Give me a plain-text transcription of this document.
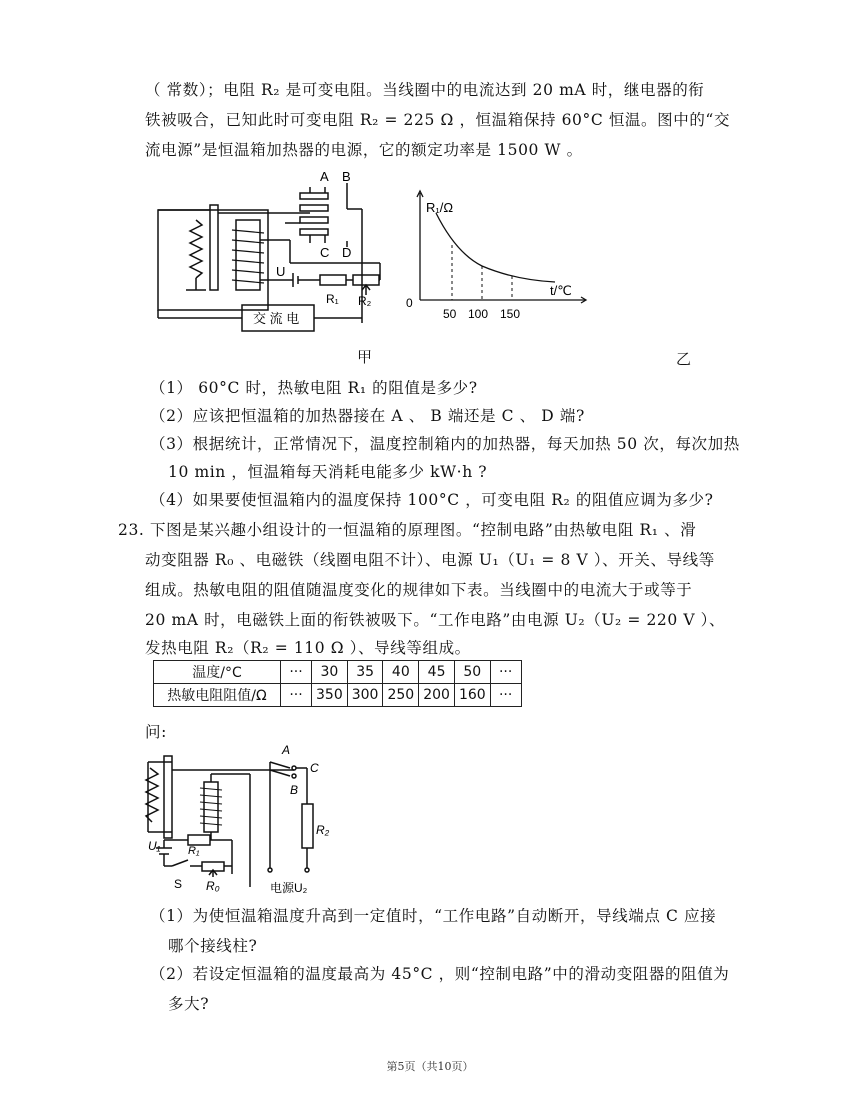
（ 常数）；电阻 R₂ 是可变电阻。当线圈中的电流达到 20 mA 时，继电器的衔
铁被吸合，已知此时可变电阻 R₂ = 225 Ω ，恒温箱保持 60°C 恒温。图中的“交
流电源”是恒温箱加热器的电源，它的额定功率是 1500 W 。
A B
C D
U
R₁ R₂
交 流 电
R₁/Ω
t/℃
0
50 100 150
甲	乙
（1） 60°C 时，热敏电阻 R₁ 的阻值是多少?
（2）应该把恒温箱的加热器接在 A 、 B 端还是 C 、 D 端?
（3）根据统计，正常情况下，温度控制箱内的加热器，每天加热 50 次，每次加热
10 min ，恒温箱每天消耗电能多少 kW·h ?
（4）如果要使恒温箱内的温度保持 100°C ，可变电阻 R₂ 的阻值应调为多少?
23. 下图是某兴趣小组设计的一恒温箱的原理图。“控制电路”由热敏电阻 R₁ 、滑
动变阻器 R₀ 、电磁铁（线圈电阻不计）、电源 U₁（U₁ = 8 V ）、开关、导线等
组成。热敏电阻的阻值随温度变化的规律如下表。当线圈中的电流大于或等于
20 mA 时，电磁铁上面的衔铁被吸下。“工作电路”由电源 U₂（U₂ = 220 V ）、
发热电阻 R₂（R₂ = 110 Ω ）、导线等组成。
温度/°C	···	30	35	40	45	50	···
热敏电阻阻值/Ω	···	350	300	250	200	160	···
问:
A
B
C
R₂
U₁	R₁
S R₀	电源U₂
（1）为使恒温箱温度升高到一定值时，“工作电路”自动断开，导线端点 C 应接
哪个接线柱?
（2）若设定恒温箱的温度最高为 45°C ，则“控制电路”中的滑动变阻器的阻值为
多大?
第5页（共10页）
